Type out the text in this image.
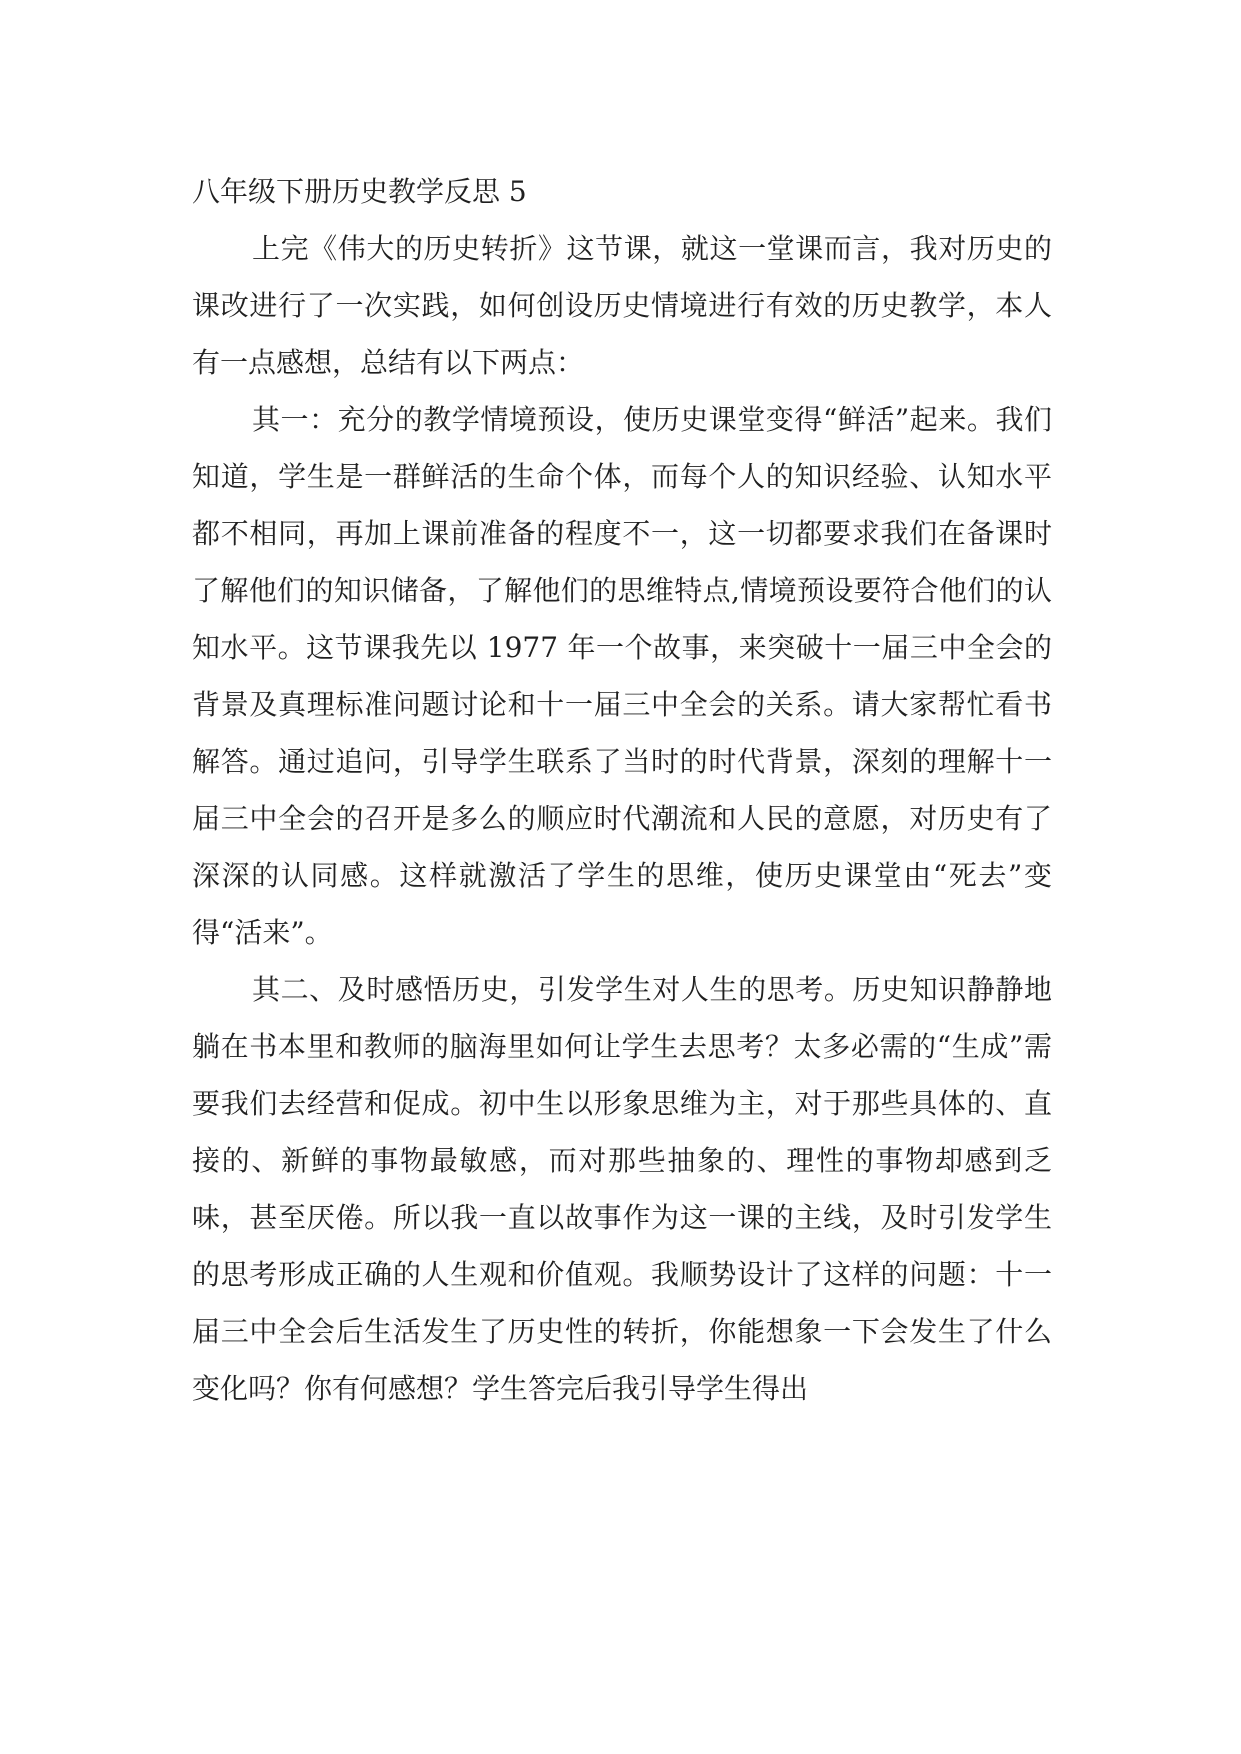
八年级下册历史教学反思 5

上完《伟大的历史转折》这节课，就这一堂课而言，我对历史的课改进行了一次实践，如何创设历史情境进行有效的历史教学，本人有一点感想，总结有以下两点：

其一：充分的教学情境预设，使历史课堂变得“鲜活”起来。我们知道，学生是一群鲜活的生命个体，而每个人的知识经验、认知水平都不相同，再加上课前准备的程度不一，这一切都要求我们在备课时了解他们的知识储备，了解他们的思维特点,情境预设要符合他们的认知水平。这节课我先以 1977 年一个故事，来突破十一届三中全会的背景及真理标准问题讨论和十一届三中全会的关系。请大家帮忙看书解答。通过追问，引导学生联系了当时的时代背景，深刻的理解十一届三中全会的召开是多么的顺应时代潮流和人民的意愿，对历史有了深深的认同感。这样就激活了学生的思维，使历史课堂由“死去”变得“活来”。

其二、及时感悟历史，引发学生对人生的思考。历史知识静静地躺在书本里和教师的脑海里如何让学生去思考？太多必需的“生成”需要我们去经营和促成。初中生以形象思维为主，对于那些具体的、直接的、新鲜的事物最敏感，而对那些抽象的、理性的事物却感到乏味，甚至厌倦。所以我一直以故事作为这一课的主线，及时引发学生的思考形成正确的人生观和价值观。我顺势设计了这样的问题：十一届三中全会后生活发生了历史性的转折，你能想象一下会发生了什么变化吗？你有何感想？学生答完后我引导学生得出
